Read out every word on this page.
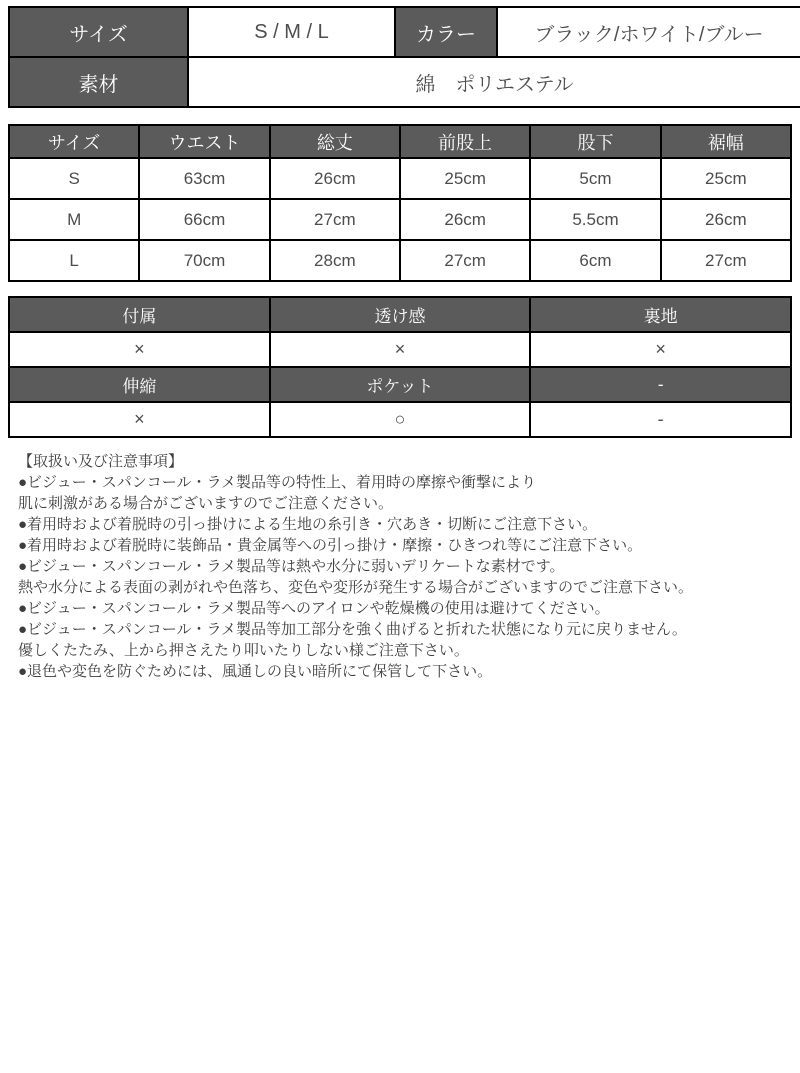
サイズ	S / M / L	カラー	ブラック/ホワイト/ブルー
素材	綿　ポリエステル		
サイズ	ウエスト	総丈	前股上	股下	裾幅
S	63cm	26cm	25cm	5cm	25cm
M	66cm	27cm	26cm	5.5cm	26cm
L	70cm	28cm	27cm	6cm	27cm
付属	透け感	裏地
×	×	×
伸縮	ポケット	-
×	○	-
【取扱い及び注意事項】
●ビジュー・スパンコール・ラメ製品等の特性上、着用時の摩擦や衝撃により
肌に刺激がある場合がございますのでご注意ください。
●着用時および着脱時の引っ掛けによる生地の糸引き・穴あき・切断にご注意下さい。
●着用時および着脱時に装飾品・貴金属等への引っ掛け・摩擦・ひきつれ等にご注意下さい。
●ビジュー・スパンコール・ラメ製品等は熱や水分に弱いデリケートな素材です。
熱や水分による表面の剥がれや色落ち、変色や変形が発生する場合がございますのでご注意下さい。
●ビジュー・スパンコール・ラメ製品等へのアイロンや乾燥機の使用は避けてください。
●ビジュー・スパンコール・ラメ製品等加工部分を強く曲げると折れた状態になり元に戻りません。
優しくたたみ、上から押さえたり叩いたりしない様ご注意下さい。
●退色や変色を防ぐためには、風通しの良い暗所にて保管して下さい。
